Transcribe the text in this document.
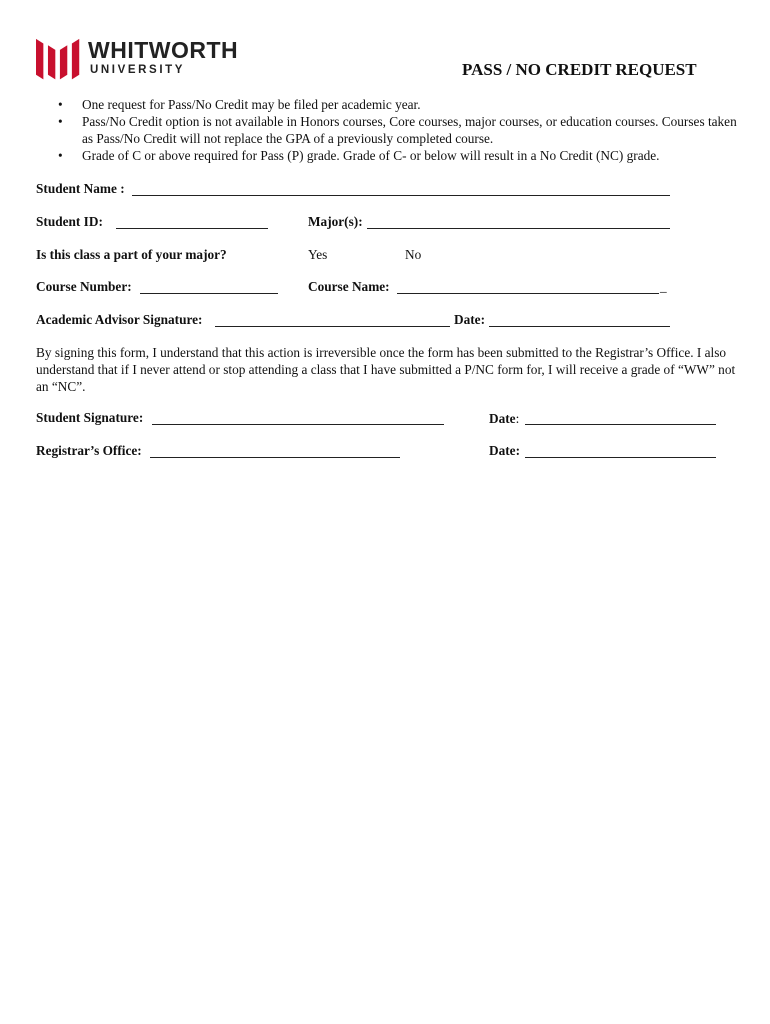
WHITWORTH
UNIVERSITY	PASS / NO CREDIT REQUEST
• One request for Pass/No Credit may be filed per academic year.
• Pass/No Credit option is not available in Honors courses, Core courses, major courses, or education courses. Courses taken as Pass/No Credit will not replace the GPA of a previously completed course.
• Grade of C or above required for Pass (P) grade. Grade of C- or below will result in a No Credit (NC) grade.
Student Name :
Student ID:	Major(s):
Is this class a part of your major?	Yes	No
Course Number:	Course Name:	_
Academic Advisor Signature:	Date:

By signing this form, I understand that this action is irreversible once the form has been submitted to the Registrar’s Office. I also understand that if I never attend or stop attending a class that I have submitted a P/NC form for, I will receive a grade of “WW” not an “NC”.

Student Signature:	Date:
Registrar’s Office:	Date:
